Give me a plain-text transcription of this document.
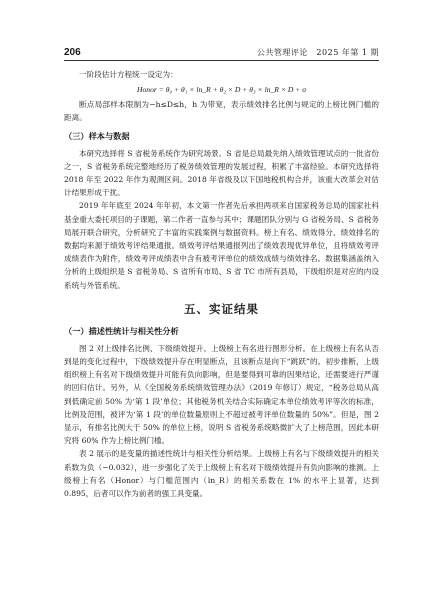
206	公共管理评论　2025 年第 1 期
一阶段估计方程统一设定为：
Honor = θ₀ + θ₁ × ln_R + θ₂ × D + θ₃ × ln_R × D + σ

断点局部样本限制为−h≤D≤h，h 为带宽，表示绩效排名比例与规定的上榜比例门槛的距离。

（三）样本与数据

本研究选择将 S 省税务系统作为研究场景。S 省是总局最先纳入绩效管理试点的一批省份之一，S 省税务系统完整地经历了税务绩效管理的发展过程，积累了丰富经验。本研究选择将 2018 年至 2022 年作为观测区间。2018 年省级及以下国地税机构合并，该重大改革会对估计结果形成干扰。

2019 年年底至 2024 年年初，本文第一作者先后承担两项来自国家税务总局的国家社科基金重大委托项目的子课题，第二作者一直参与其中；课题团队分别与 G 省税务局、S 省税务局展开联合研究，分析研究了丰富的实践案例与数据资料。榜上有名、绩效得分、绩效排名的数据均来源于绩效考评结果通报。绩效考评结果通报列出了绩效表现优异单位，且将绩效考评成绩表作为附件，绩效考评成绩表中含有被考评单位的绩效成绩与绩效排名。数据集涵盖纳入分析的上级组织是 S 省税务局、S 省所有市局、S 省 TC 市所有县局，下级组织是对应的内设系统与外管系统。

五、实证结果
（一）描述性统计与相关性分析

图 2 对上级排名比例、下级绩效提升、上级榜上有名进行图形分析。在上级榜上有名从否到是的变化过程中，下级绩效提升存在明显断点，且该断点是向下“跳跃”的。初步推断，上级组织榜上有名对下级绩效提升可能有负向影响，但是要得到可靠的因果结论，还需要进行严谨的回归估计。另外，从《全国税务系统绩效管理办法》（2019 年修订）规定，“税务总局从高到低确定前 50% 为‘第 1 段’单位；其他税务机关结合实际确定本单位绩效考评等次的标准，比例及范围，被评为‘第 1 段’的单位数量原则上不超过被考评单位数量的 50%”。但是，图 2 显示，有排名比例大于 50% 的单位上榜，说明 S 省税务系统略微扩大了上榜范围，因此本研究将 60% 作为上榜比例门槛。

表 2 展示的是变量的描述性统计与相关性分析结果。上级榜上有名与下级绩效提升的相关系数为负（−0.032），进一步强化了关于上级榜上有名对下级绩效提升有负向影响的推测。上级榜上有名（Honor）与门槛范围内（ln_R）的相关系数在 1% 的水平上显著，达到 0.895，后者可以作为前者的强工具变量。
